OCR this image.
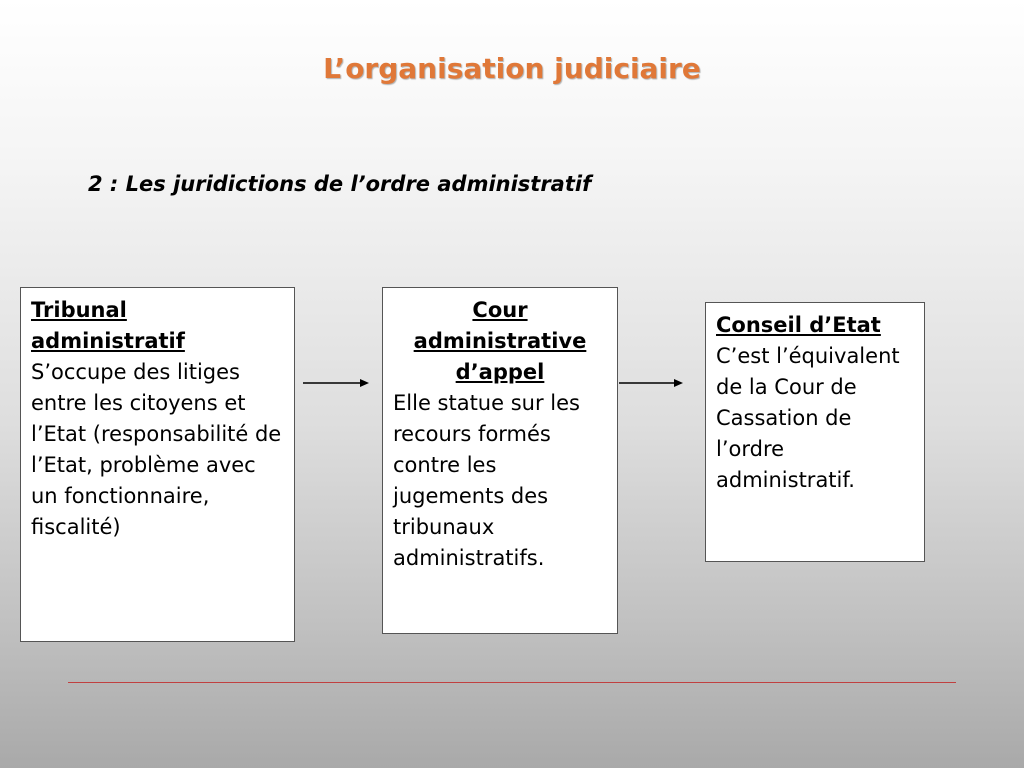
L’organisation judiciaire

2 : Les juridictions de l’ordre administratif

Tribunal administratif
S’occupe des litiges entre les citoyens et l’Etat (responsabilité de l’Etat, problème avec un fonctionnaire, fiscalité)
Cour administrative d’appel
Elle statue sur les recours formés contre les jugements des tribunaux administratifs.
Conseil d’Etat
C’est l’équivalent de la Cour de Cassation de l’ordre administratif.
